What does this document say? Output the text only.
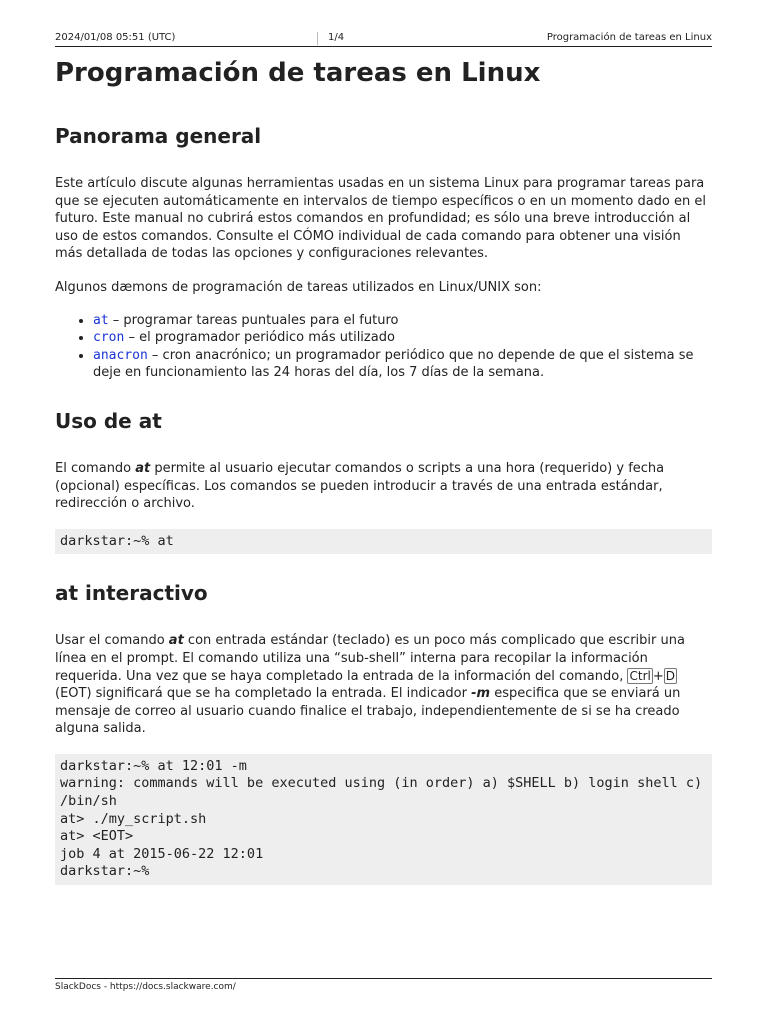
2024/01/08 05:51 (UTC)	1/4	Programación de tareas en Linux
Programación de tareas en Linux
Panorama general

Este artículo discute algunas herramientas usadas en un sistema Linux para programar tareas para que se ejecuten automáticamente en intervalos de tiempo específicos o en un momento dado en el futuro. Este manual no cubrirá estos comandos en profundidad; es sólo una breve introducción al uso de estos comandos. Consulte el CÓMO individual de cada comando para obtener una visión más detallada de todas las opciones y configuraciones relevantes.

Algunos dæmons de programación de tareas utilizados en Linux/UNIX son:

• at – programar tareas puntuales para el futuro
• cron – el programador periódico más utilizado
• anacron – cron anacrónico; un programador periódico que no depende de que el sistema se deje en funcionamiento las 24 horas del día, los 7 días de la semana.
Uso de at

El comando at permite al usuario ejecutar comandos o scripts a una hora (requerido) y fecha (opcional) específicas. Los comandos se pueden introducir a través de una entrada estándar, redirección o archivo.

darkstar:~% at
at interactivo

Usar el comando at con entrada estándar (teclado) es un poco más complicado que escribir una línea en el prompt. El comando utiliza una “sub-shell” interna para recopilar la información requerida. Una vez que se haya completado la entrada de la información del comando, Ctrl + D (EOT) significará que se ha completado la entrada. El indicador -m especifica que se enviará un mensaje de correo al usuario cuando finalice el trabajo, independientemente de si se ha creado alguna salida.

darkstar:~% at 12:01 -m
warning: commands will be executed using (in order) a) $SHELL b) login shell c) /bin/sh
at> ./my_script.sh
at> <EOT>
job 4 at 2015-06-22 12:01
darkstar:~%
SlackDocs - https://docs.slackware.com/
